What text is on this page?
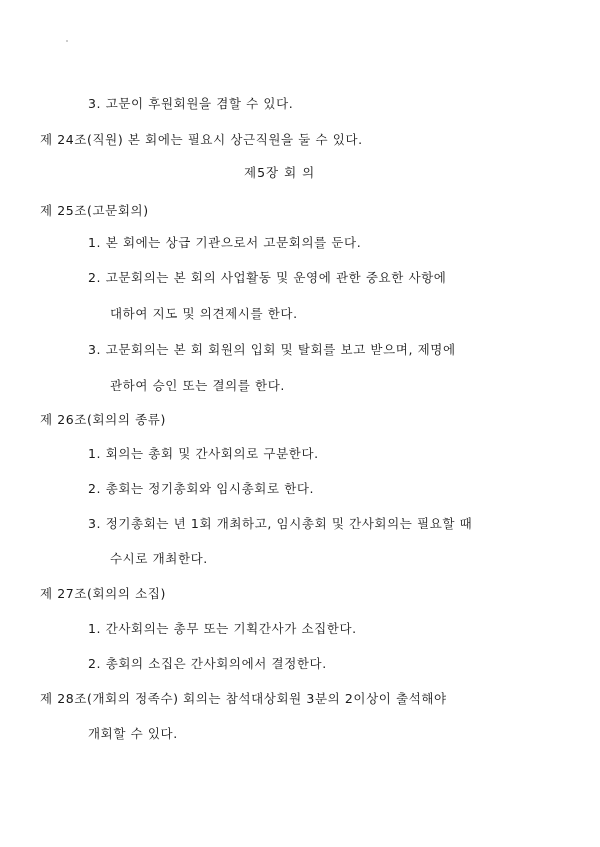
3. 고문이 후원회원을 겸할 수 있다.
제 24조(직원) 본 회에는 필요시 상근직원을 둘 수 있다.
제5장 회 의
제 25조(고문회의)
1. 본 회에는 상급 기관으로서 고문회의를 둔다.
2. 고문회의는 본 회의 사업활동 및 운영에 관한 중요한 사항에
대하여 지도 및 의견제시를 한다.
3. 고문회의는 본 회 회원의 입회 및 탈회를 보고 받으며, 제명에
관하여 승인 또는 결의를 한다.
제 26조(회의의 종류)
1. 회의는 총회 및 간사회의로 구분한다.
2. 총회는 정기총회와 임시총회로 한다.
3. 정기총회는 년 1회 개최하고, 임시총회 및 간사회의는 필요할 때
수시로 개최한다.
제 27조(회의의 소집)
1. 간사회의는 총무 또는 기획간사가 소집한다.
2. 총회의 소집은 간사회의에서 결정한다.
제 28조(개회의 정족수) 회의는 참석대상회원 3분의 2이상이 출석해야
개회할 수 있다.
